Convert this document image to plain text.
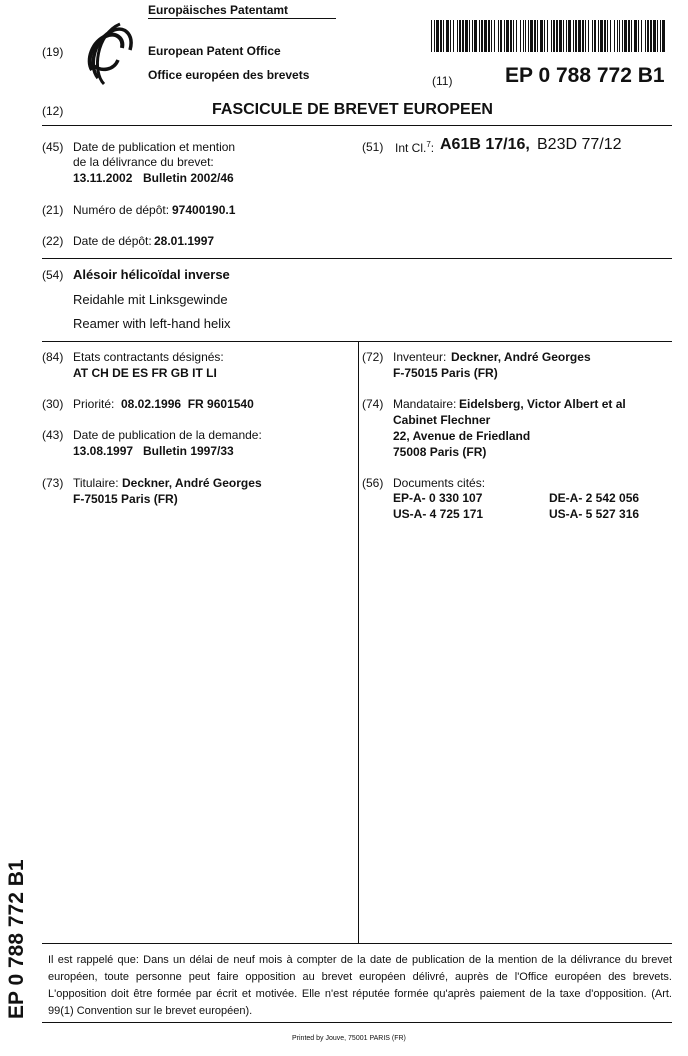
(19)
Europäisches Patentamt
European Patent Office
Office européen des brevets	(11)	EP 0 788 772 B1
(12)	FASCICULE DE BREVET EUROPEEN
(45) Date de publication et mention
de la délivrance du brevet:
13.11.2002 Bulletin 2002/46
(51) Int Cl.$^7$: A61B 17/16, B23D 77/12
(21) Numéro de dépôt: 97400190.1
(22) Date de dépôt: 28.01.1997
(54) Alésoir hélicoïdal inverse
Reidahle mit Linksgewinde
Reamer with left-hand helix
(84) Etats contractants désignés:
AT CH DE ES FR GB IT LI
(30) Priorité: 08.02.1996  FR 9601540
(43) Date de publication de la demande:
13.08.1997 Bulletin 1997/33
(73) Titulaire: Deckner, André Georges
F-75015 Paris (FR)
(72) Inventeur: Deckner, André Georges
F-75015 Paris (FR)
(74) Mandataire: Eidelsberg, Victor Albert et al
Cabinet Flechner
22, Avenue de Friedland
75008 Paris (FR)
(56) Documents cités:
EP-A- 0 330 107	DE-A- 2 542 056
US-A- 4 725 171	US-A- 5 527 316
EP 0 788 772 B1	Il est rappelé que: Dans un délai de neuf mois à compter de la date de publication de la mention de la délivrance du brevet européen, toute personne peut faire opposition au brevet européen délivré, auprès de l'Office européen des brevets. L'opposition doit être formée par écrit et motivée. Elle n'est réputée formée qu'après paiement de la taxe d'opposition. (Art. 99(1) Convention sur le brevet européen).
Printed by Jouve, 75001 PARIS (FR)
